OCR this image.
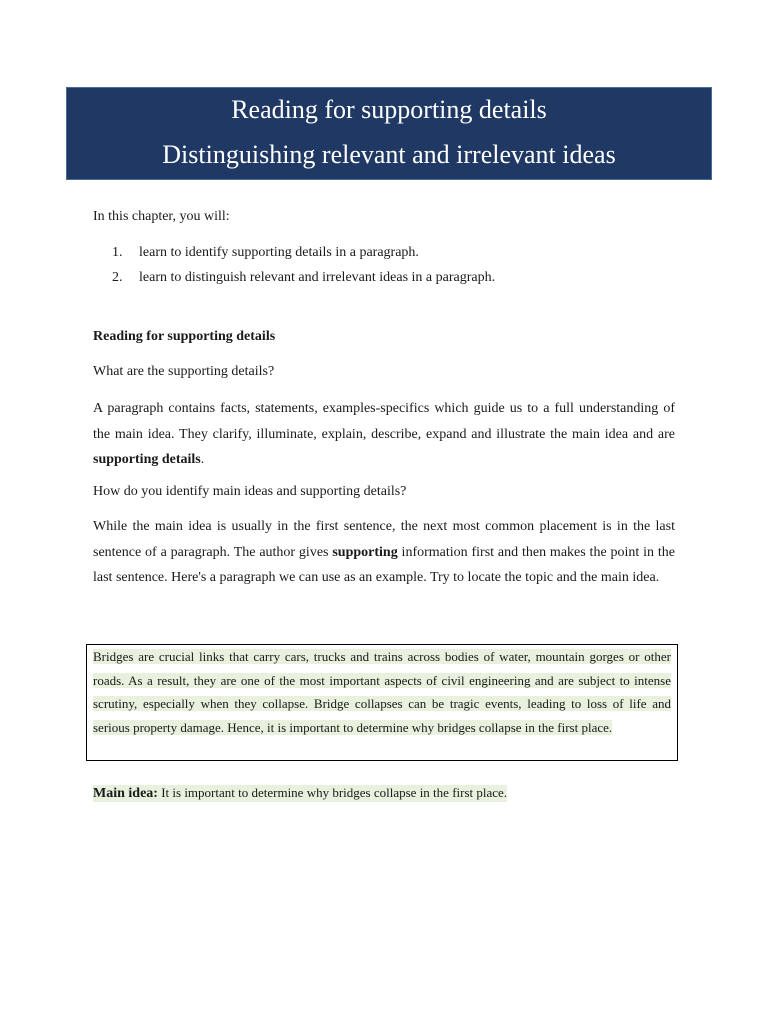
Reading for supporting details
Distinguishing relevant and irrelevant ideas
In this chapter, you will:
1.	learn to identify supporting details in a paragraph.
2.	learn to distinguish relevant and irrelevant ideas in a paragraph.
Reading for supporting details
What are the supporting details?
A paragraph contains facts, statements, examples-specifics which guide us to a full understanding of the main idea. They clarify, illuminate, explain, describe, expand and illustrate the main idea and are supporting details.
How do you identify main ideas and supporting details?
While the main idea is usually in the first sentence, the next most common placement is in the last sentence of a paragraph. The author gives supporting information first and then makes the point in the last sentence. Here's a paragraph we can use as an example. Try to locate the topic and the main idea.

Bridges are crucial links that carry cars, trucks and trains across bodies of water, mountain gorges or other roads. As a result, they are one of the most important aspects of civil engineering and are subject to intense scrutiny, especially when they collapse. Bridge collapses can be tragic events, leading to loss of life and serious property damage. Hence, it is important to determine why bridges collapse in the first place.

Main idea: It is important to determine why bridges collapse in the first place.
